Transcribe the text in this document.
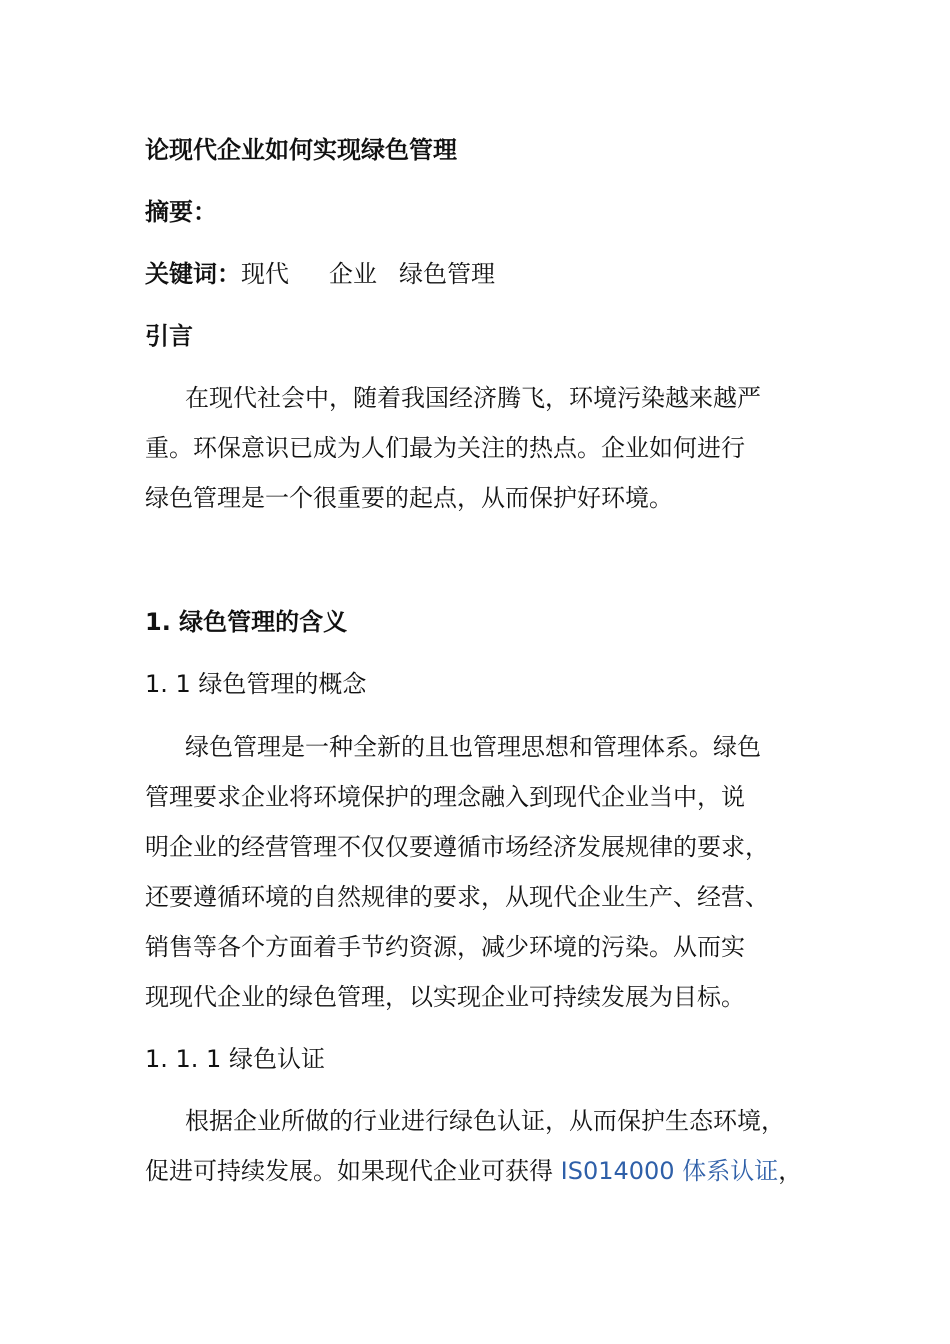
论现代企业如何实现绿色管理

摘要：

关键词：现代 企业 绿色管理

引言

在现代社会中，随着我国经济腾飞，环境污染越来越严

重。环保意识已成为人们最为关注的热点。企业如何进行

绿色管理是一个很重要的起点，从而保护好环境。

1. 绿色管理的含义

1. 1 绿色管理的概念

绿色管理是一种全新的且也管理思想和管理体系。绿色

管理要求企业将环境保护的理念融入到现代企业当中，说

明企业的经营管理不仅仅要遵循市场经济发展规律的要求，

还要遵循环境的自然规律的要求，从现代企业生产、经营、

销售等各个方面着手节约资源，减少环境的污染。从而实

现现代企业的绿色管理，以实现企业可持续发展为目标。

1. 1. 1 绿色认证

根据企业所做的行业进行绿色认证，从而保护生态环境，

促进可持续发展。如果现代企业可获得 IS014000 体系认证，
